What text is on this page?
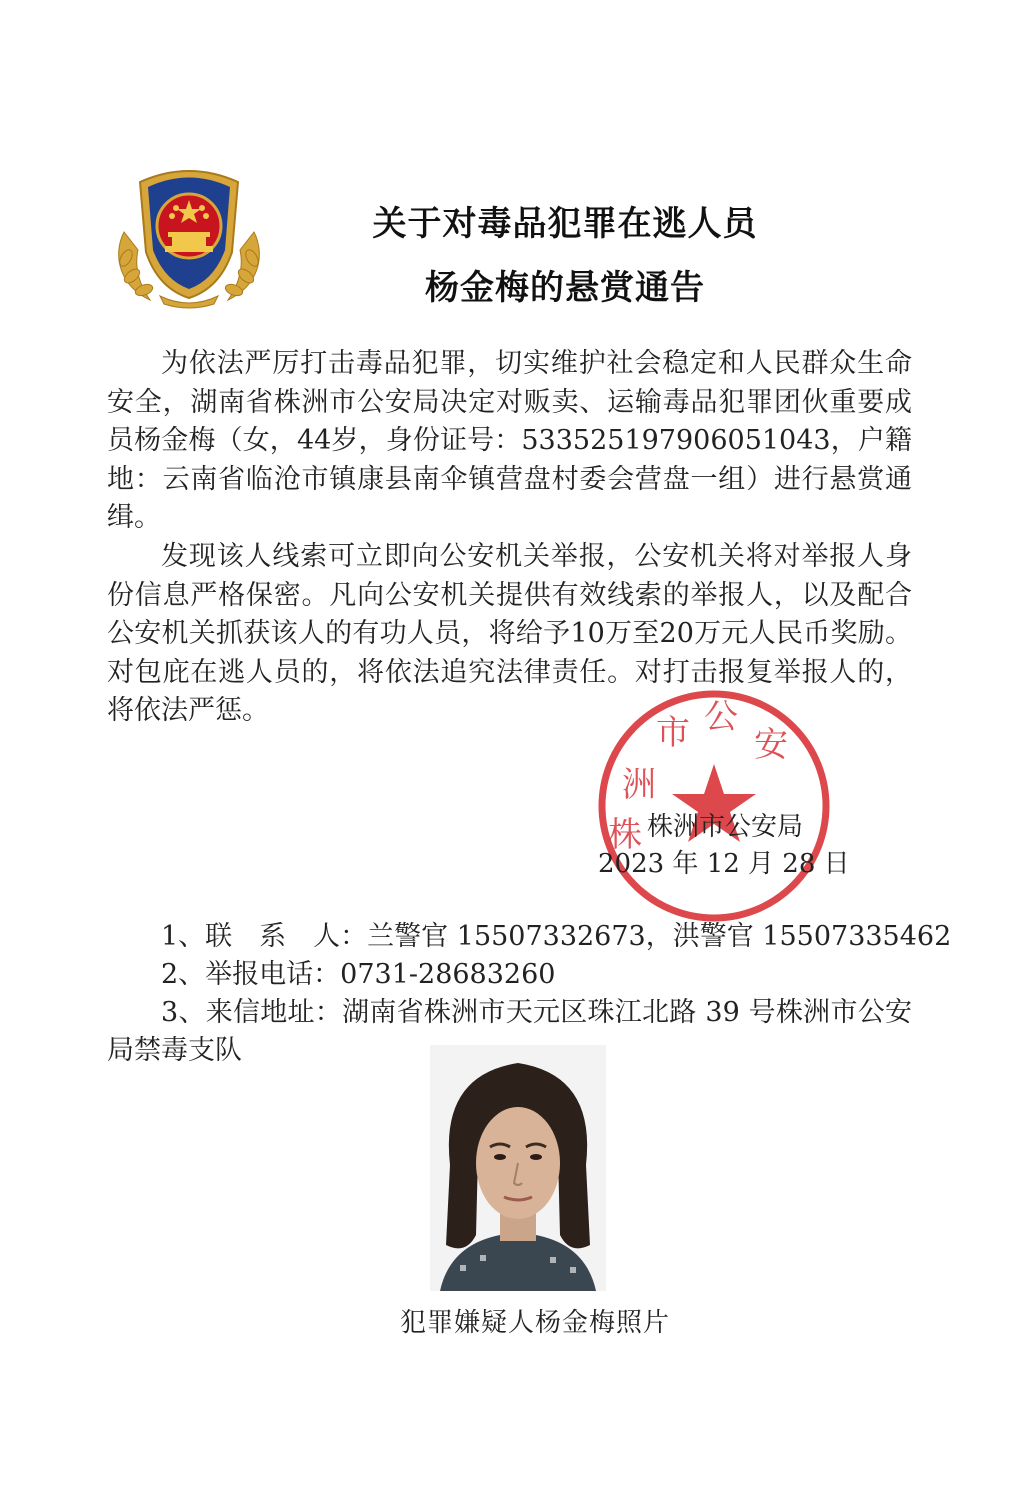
关于对毒品犯罪在逃人员
杨金梅的悬赏通告

为依法严厉打击毒品犯罪，切实维护社会稳定和人民群众生命安全，湖南省株洲市公安局决定对贩卖、运输毒品犯罪团伙重要成员杨金梅（女，44岁，身份证号：533525197906051043，户籍地：云南省临沧市镇康县南伞镇营盘村委会营盘一组）进行悬赏通缉。

发现该人线索可立即向公安机关举报，公安机关将对举报人身份信息严格保密。凡向公安机关提供有效线索的举报人，以及配合公安机关抓获该人的有功人员，将给予10万至20万元人民币奖励。对包庇在逃人员的，将依法追究法律责任。对打击报复举报人的，将依法严惩。

洲
市 公
安
株 株洲市公安局
2023 年 12 月 28 日

1、联　系　人：兰警官 15507332673，洪警官 15507335462

2、举报电话：0731-28683260

3、来信地址：湖南省株洲市天元区珠江北路 39 号株洲市公安局禁毒支队

犯罪嫌疑人杨金梅照片
